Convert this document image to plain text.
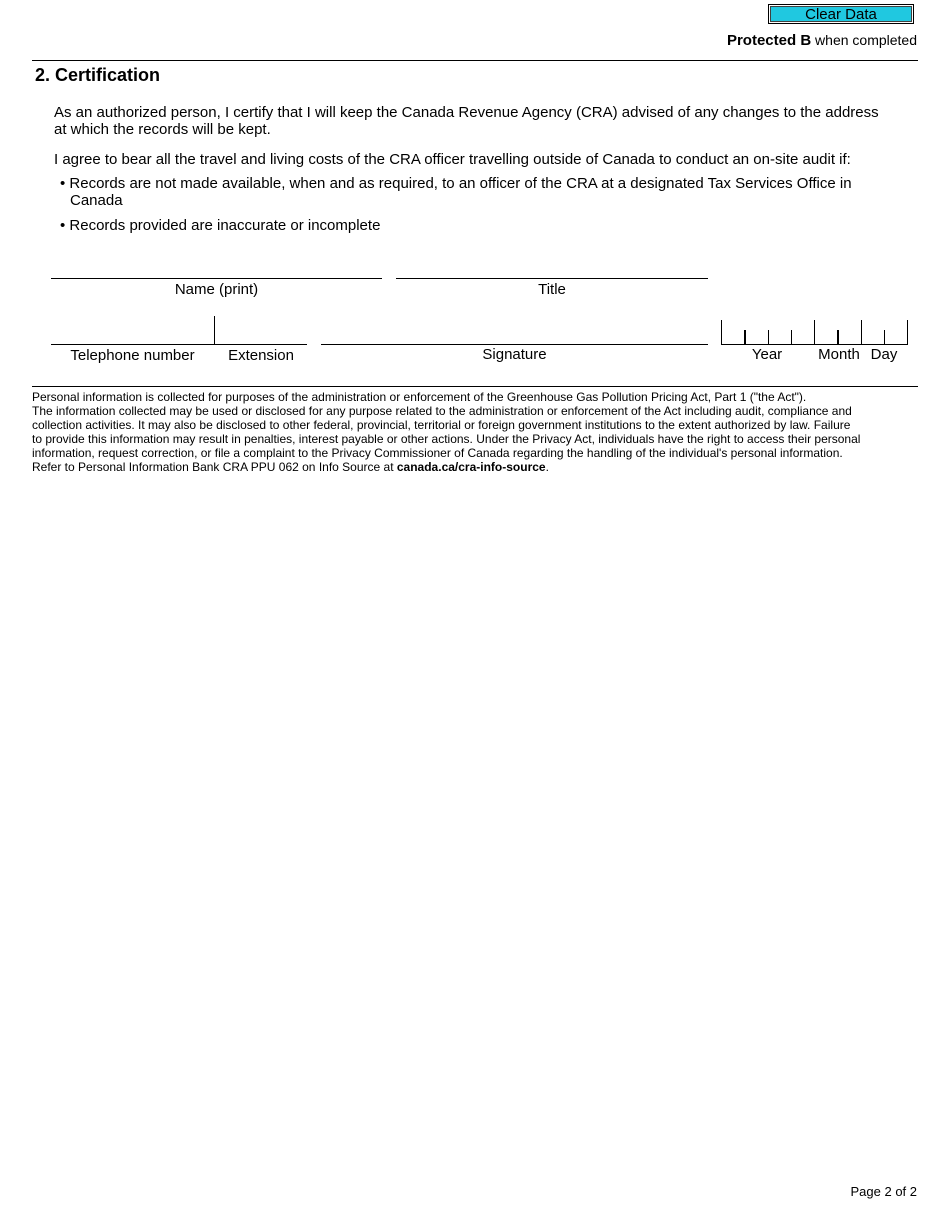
Clear Data
Protected B when completed
2. Certification
As an authorized person, I certify that I will keep the Canada Revenue Agency (CRA) advised of any changes to the address at which the records will be kept.
I agree to bear all the travel and living costs of the CRA officer travelling outside of Canada to conduct an on-site audit if:
• Records are not made available, when and as required, to an officer of the CRA at a designated Tax Services Office in Canada
• Records provided are inaccurate or incomplete
Name (print)	Title
Telephone number	Extension	Signature	Year	Month Day
Personal information is collected for purposes of the administration or enforcement of the Greenhouse Gas Pollution Pricing Act, Part 1 ("the Act").
The information collected may be used or disclosed for any purpose related to the administration or enforcement of the Act including audit, compliance and
collection activities. It may also be disclosed to other federal, provincial, territorial or foreign government institutions to the extent authorized by law. Failure
to provide this information may result in penalties, interest payable or other actions. Under the Privacy Act, individuals have the right to access their personal
information, request correction, or file a complaint to the Privacy Commissioner of Canada regarding the handling of the individual's personal information.
Refer to Personal Information Bank CRA PPU 062 on Info Source at canada.ca/cra-info-source.
Page 2 of 2
